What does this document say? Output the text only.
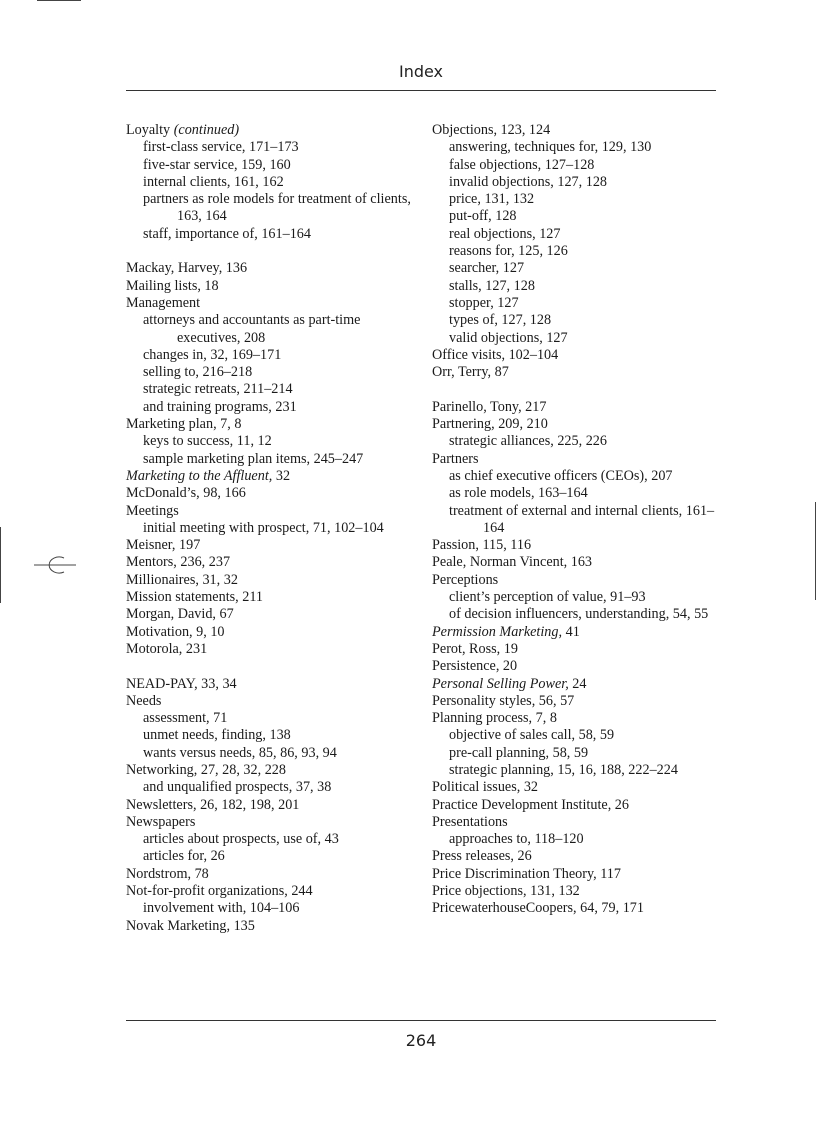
Index
Loyalty (continued)
first-class service, 171–173
five-star service, 159, 160
internal clients, 161, 162
partners as role models for treatment of clients, 163, 164
staff, importance of, 161–164
Mackay, Harvey, 136
Mailing lists, 18
Management
attorneys and accountants as part-time executives, 208
changes in, 32, 169–171
selling to, 216–218
strategic retreats, 211–214
and training programs, 231
Marketing plan, 7, 8
keys to success, 11, 12
sample marketing plan items, 245–247
Marketing to the Affluent, 32
McDonald’s, 98, 166
Meetings
initial meeting with prospect, 71, 102–104
Meisner, 197
Mentors, 236, 237
Millionaires, 31, 32
Mission statements, 211
Morgan, David, 67
Motivation, 9, 10
Motorola, 231
NEAD-PAY, 33, 34
Needs
assessment, 71
unmet needs, finding, 138
wants versus needs, 85, 86, 93, 94
Networking, 27, 28, 32, 228
and unqualified prospects, 37, 38
Newsletters, 26, 182, 198, 201
Newspapers
articles about prospects, use of, 43
articles for, 26
Nordstrom, 78
Not-for-profit organizations, 244
involvement with, 104–106
Novak Marketing, 135
Objections, 123, 124
answering, techniques for, 129, 130
false objections, 127–128
invalid objections, 127, 128
price, 131, 132
put-off, 128
real objections, 127
reasons for, 125, 126
searcher, 127
stalls, 127, 128
stopper, 127
types of, 127, 128
valid objections, 127
Office visits, 102–104
Orr, Terry, 87
Parinello, Tony, 217
Partnering, 209, 210
strategic alliances, 225, 226
Partners
as chief executive officers (CEOs), 207
as role models, 163–164
treatment of external and internal clients, 161–164
Passion, 115, 116
Peale, Norman Vincent, 163
Perceptions
client’s perception of value, 91–93
of decision influencers, understanding, 54, 55
Permission Marketing, 41
Perot, Ross, 19
Persistence, 20
Personal Selling Power, 24
Personality styles, 56, 57
Planning process, 7, 8
objective of sales call, 58, 59
pre-call planning, 58, 59
strategic planning, 15, 16, 188, 222–224
Political issues, 32
Practice Development Institute, 26
Presentations
approaches to, 118–120
Press releases, 26
Price Discrimination Theory, 117
Price objections, 131, 132
PricewaterhouseCoopers, 64, 79, 171
264
